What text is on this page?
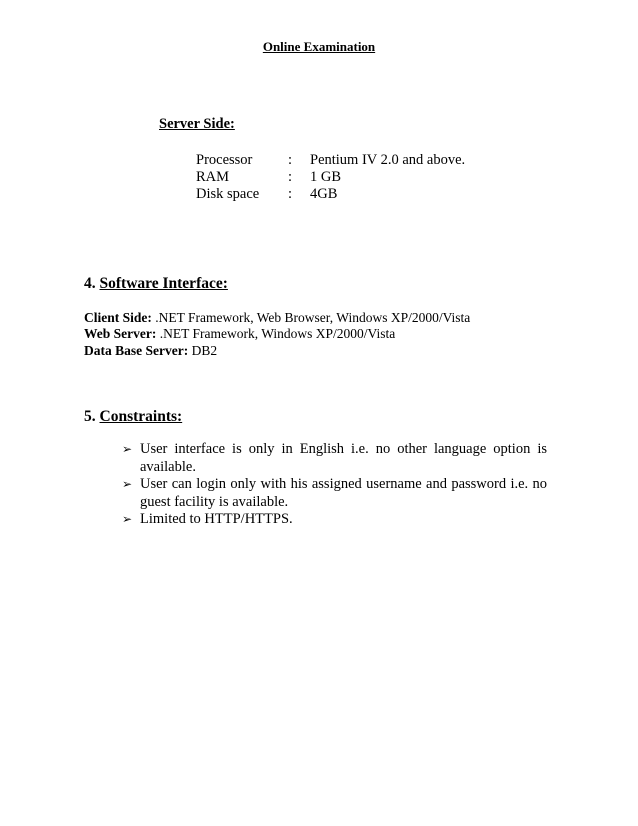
Online Examination
Server Side:
Processor : Pentium IV 2.0 and above.
RAM	: 1 GB
Disk space : 4GB
4. Software Interface:
Client Side: .NET Framework, Web Browser, Windows XP/2000/Vista
Web Server: .NET Framework, Windows XP/2000/Vista
Data Base Server: DB2
5. Constraints:
➢ User interface is only in English i.e. no other language option is available.
➢ User can login only with his assigned username and password i.e. no guest facility is available.
➢ Limited to HTTP/HTTPS.
